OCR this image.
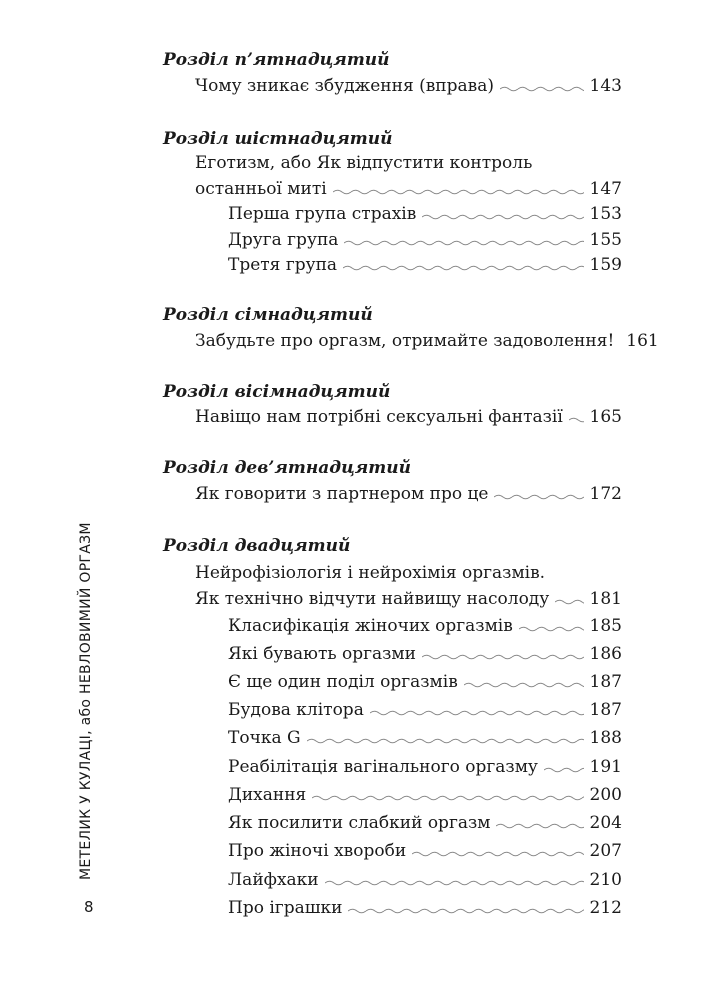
Розділ п’ятнадцятий
Чому зникає збудження (вправа)	143
Розділ шістнадцятий
Еготизм, або Як відпустити контроль
останньої миті	147
Перша група страхів	153
Друга група	155
Третя група	159
Розділ сімнадцятий
Забудьте про оргазм, отримайте задоволення! 161
Розділ вісімнадцятий
Навіщо нам потрібні сексуальні фантазії 165
Розділ дев’ятнадцятий
Як говорити з партнером про це	172
Розділ двадцятий
Нейрофізіологія і нейрохімія оргазмів.
Як технічно відчути найвищу насолоду 181
Класифікація жіночих оргазмів	185
Які бувають оргазми	186
Є ще один поділ оргазмів	187
Будова клітора	187
Точка G	188
Реабілітація вагінального оргазму	191
Дихання	200
Як посилити слабкий оргазм	204
Про жіночі хвороби	207
Лайфхаки	210
Про іграшки	212
МЕТЕЛИК У КУЛАЦІ, або НЕВЛОВИМИЙ ОРГАЗМ
8
